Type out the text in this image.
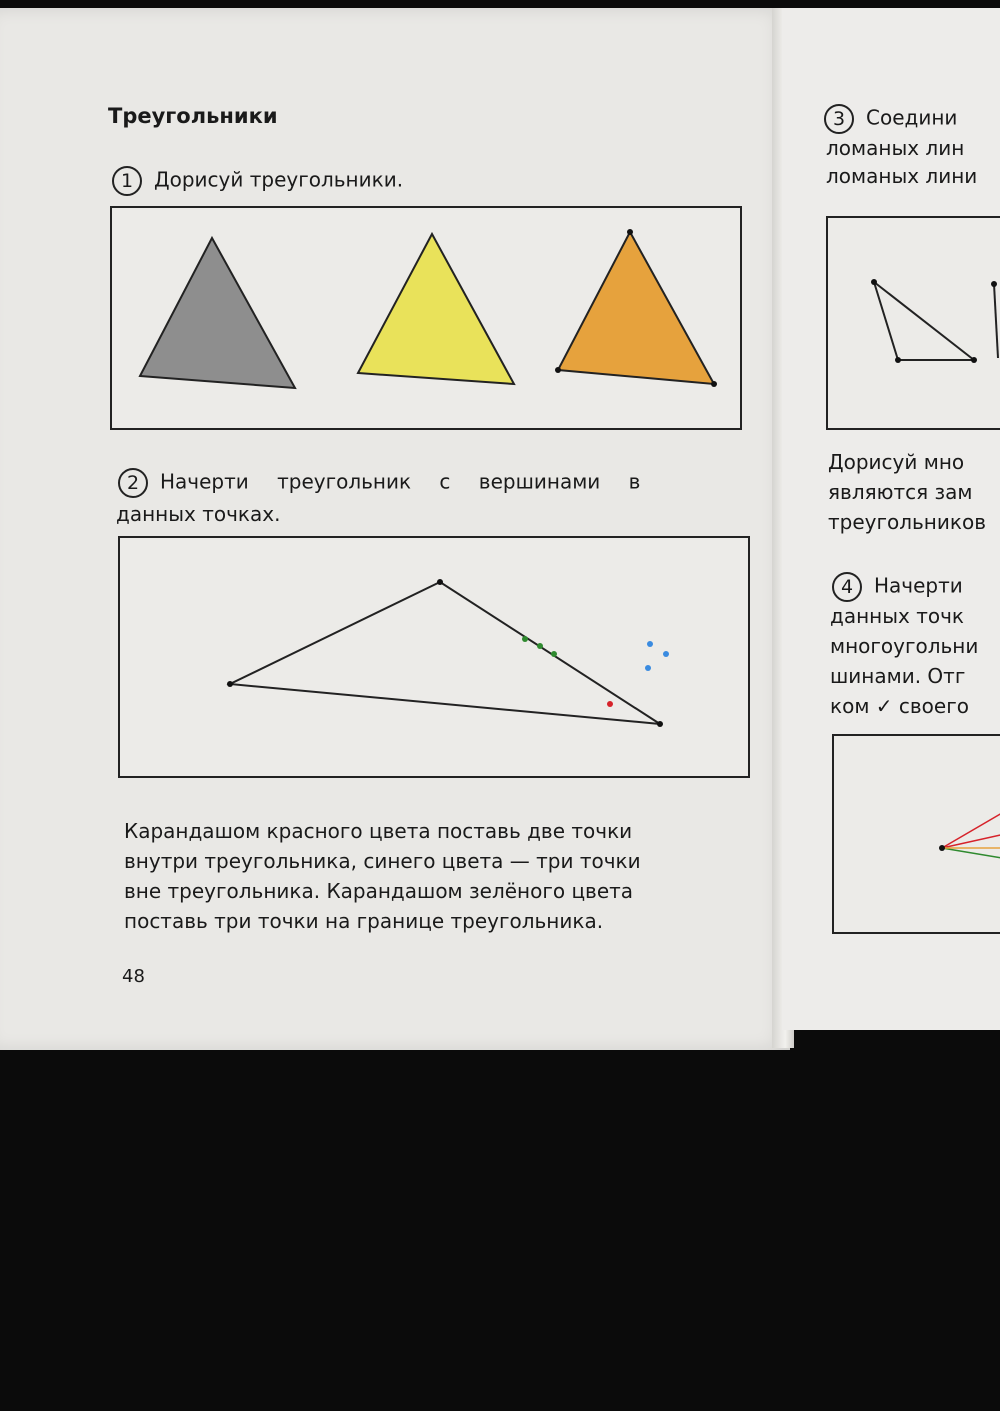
Треугольники
1 Дорисуй треугольники.
2 Начерти треугольник с вершинами в
данных точках.
Карандашом красного цвета поставь две точки
внутри треугольника, синего цвета — три точки
вне треугольника. Карандашом зелёного цвета
поставь три точки на границе треугольника.
48
3 Соедини
ломаных лин
ломаных лини
Дорисуй мно
являются зам
треугольников
4 Начерти
данных точк
многоугольни
шинами. Отг
ком ✓ своего
